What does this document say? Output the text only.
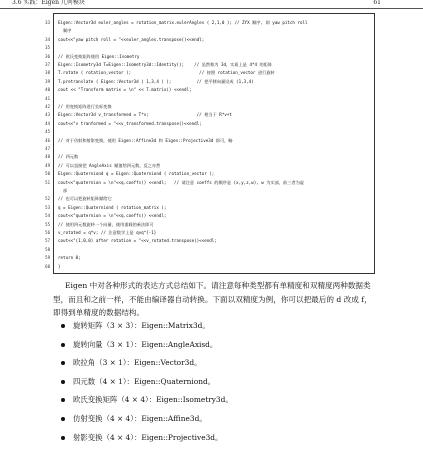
3.6 实践：Eigen 几何模块	61
33 Eigen::Vector3d euler_angles = rotation_matrix.eulerAngles ( 2,1,0 ); // ZYX 顺序, 即 yaw pitch roll
顺序
34 cout<<"yaw pitch roll = "<<euler_angles.transpose()<<endl;
35
36 // 欧氏变换矩阵使用 Eigen::Isometry
37 Eigen::Isometry3d T=Eigen::Isometry3d::Identity();    // 虽然称为 3d，实质上是 4*4 的矩阵
38 T.rotate ( rotation_vector );                           // 按照 rotation_vector 进行旋转
39 T.pretranslate ( Eigen::Vector3d ( 1,3,4 ) );          // 把平移向量设成 (1,3,4)
40 cout << "Transform matrix = \n" << T.matrix() <<endl;
41
42 // 用变换矩阵进行坐标变换
43 Eigen::Vector3d v_transformed = T*v;                   // 相当于 R*v+t
44 cout<<"v tranformed = "<<v_transformed.transpose()<<endl;
45
46 // 对于仿射和射影变换，使用 Eigen::Affine3d 和 Eigen::Projective3d 即可，略
47
48 // 四元数
49 // 可以直接把 AngleAxis 赋值给四元数，反之亦然
50 Eigen::Quaterniond q = Eigen::Quaterniond ( rotation_vector );
51 cout<<"quaternion = \n"<<q.coeffs() <<endl;   // 请注意 coeffs 的顺序是 (x,y,z,w), w 为实部，前三者为虚
部
52 // 也可以把旋转矩阵赋给它
53 q = Eigen::Quaterniond ( rotation_matrix );
54 cout<<"quaternion = \n"<<q.coeffs() <<endl;
55 // 使用四元数旋转一个向量，使用重载的乘法即可
56 v_rotated = q*v; // 注意数学上是 qvq^{-1}
57 cout<<"(1,0,0) after rotation = "<<v_rotated.transpose()<<endl;
58
59 return 0;
60 }

Eigen 中对各种形式的表达方式总结如下。请注意每种类型都有单精度和双精度两种数据类型，而且和之前一样，不能由编译器自动转换。下面以双精度为例，你可以把最后的 d 改成 f，即得到单精度的数据结构。

旋转矩阵（3 × 3）：Eigen::Matrix3d。
旋转向量（3 × 1）：Eigen::AngleAxisd。
欧拉角（3 × 1）：Eigen::Vector3d。
四元数（4 × 1）：Eigen::Quaterniond。
欧氏变换矩阵（4 × 4）：Eigen::Isometry3d。
仿射变换（4 × 4）：Eigen::Affine3d。
射影变换（4 × 4）：Eigen::Projective3d。
